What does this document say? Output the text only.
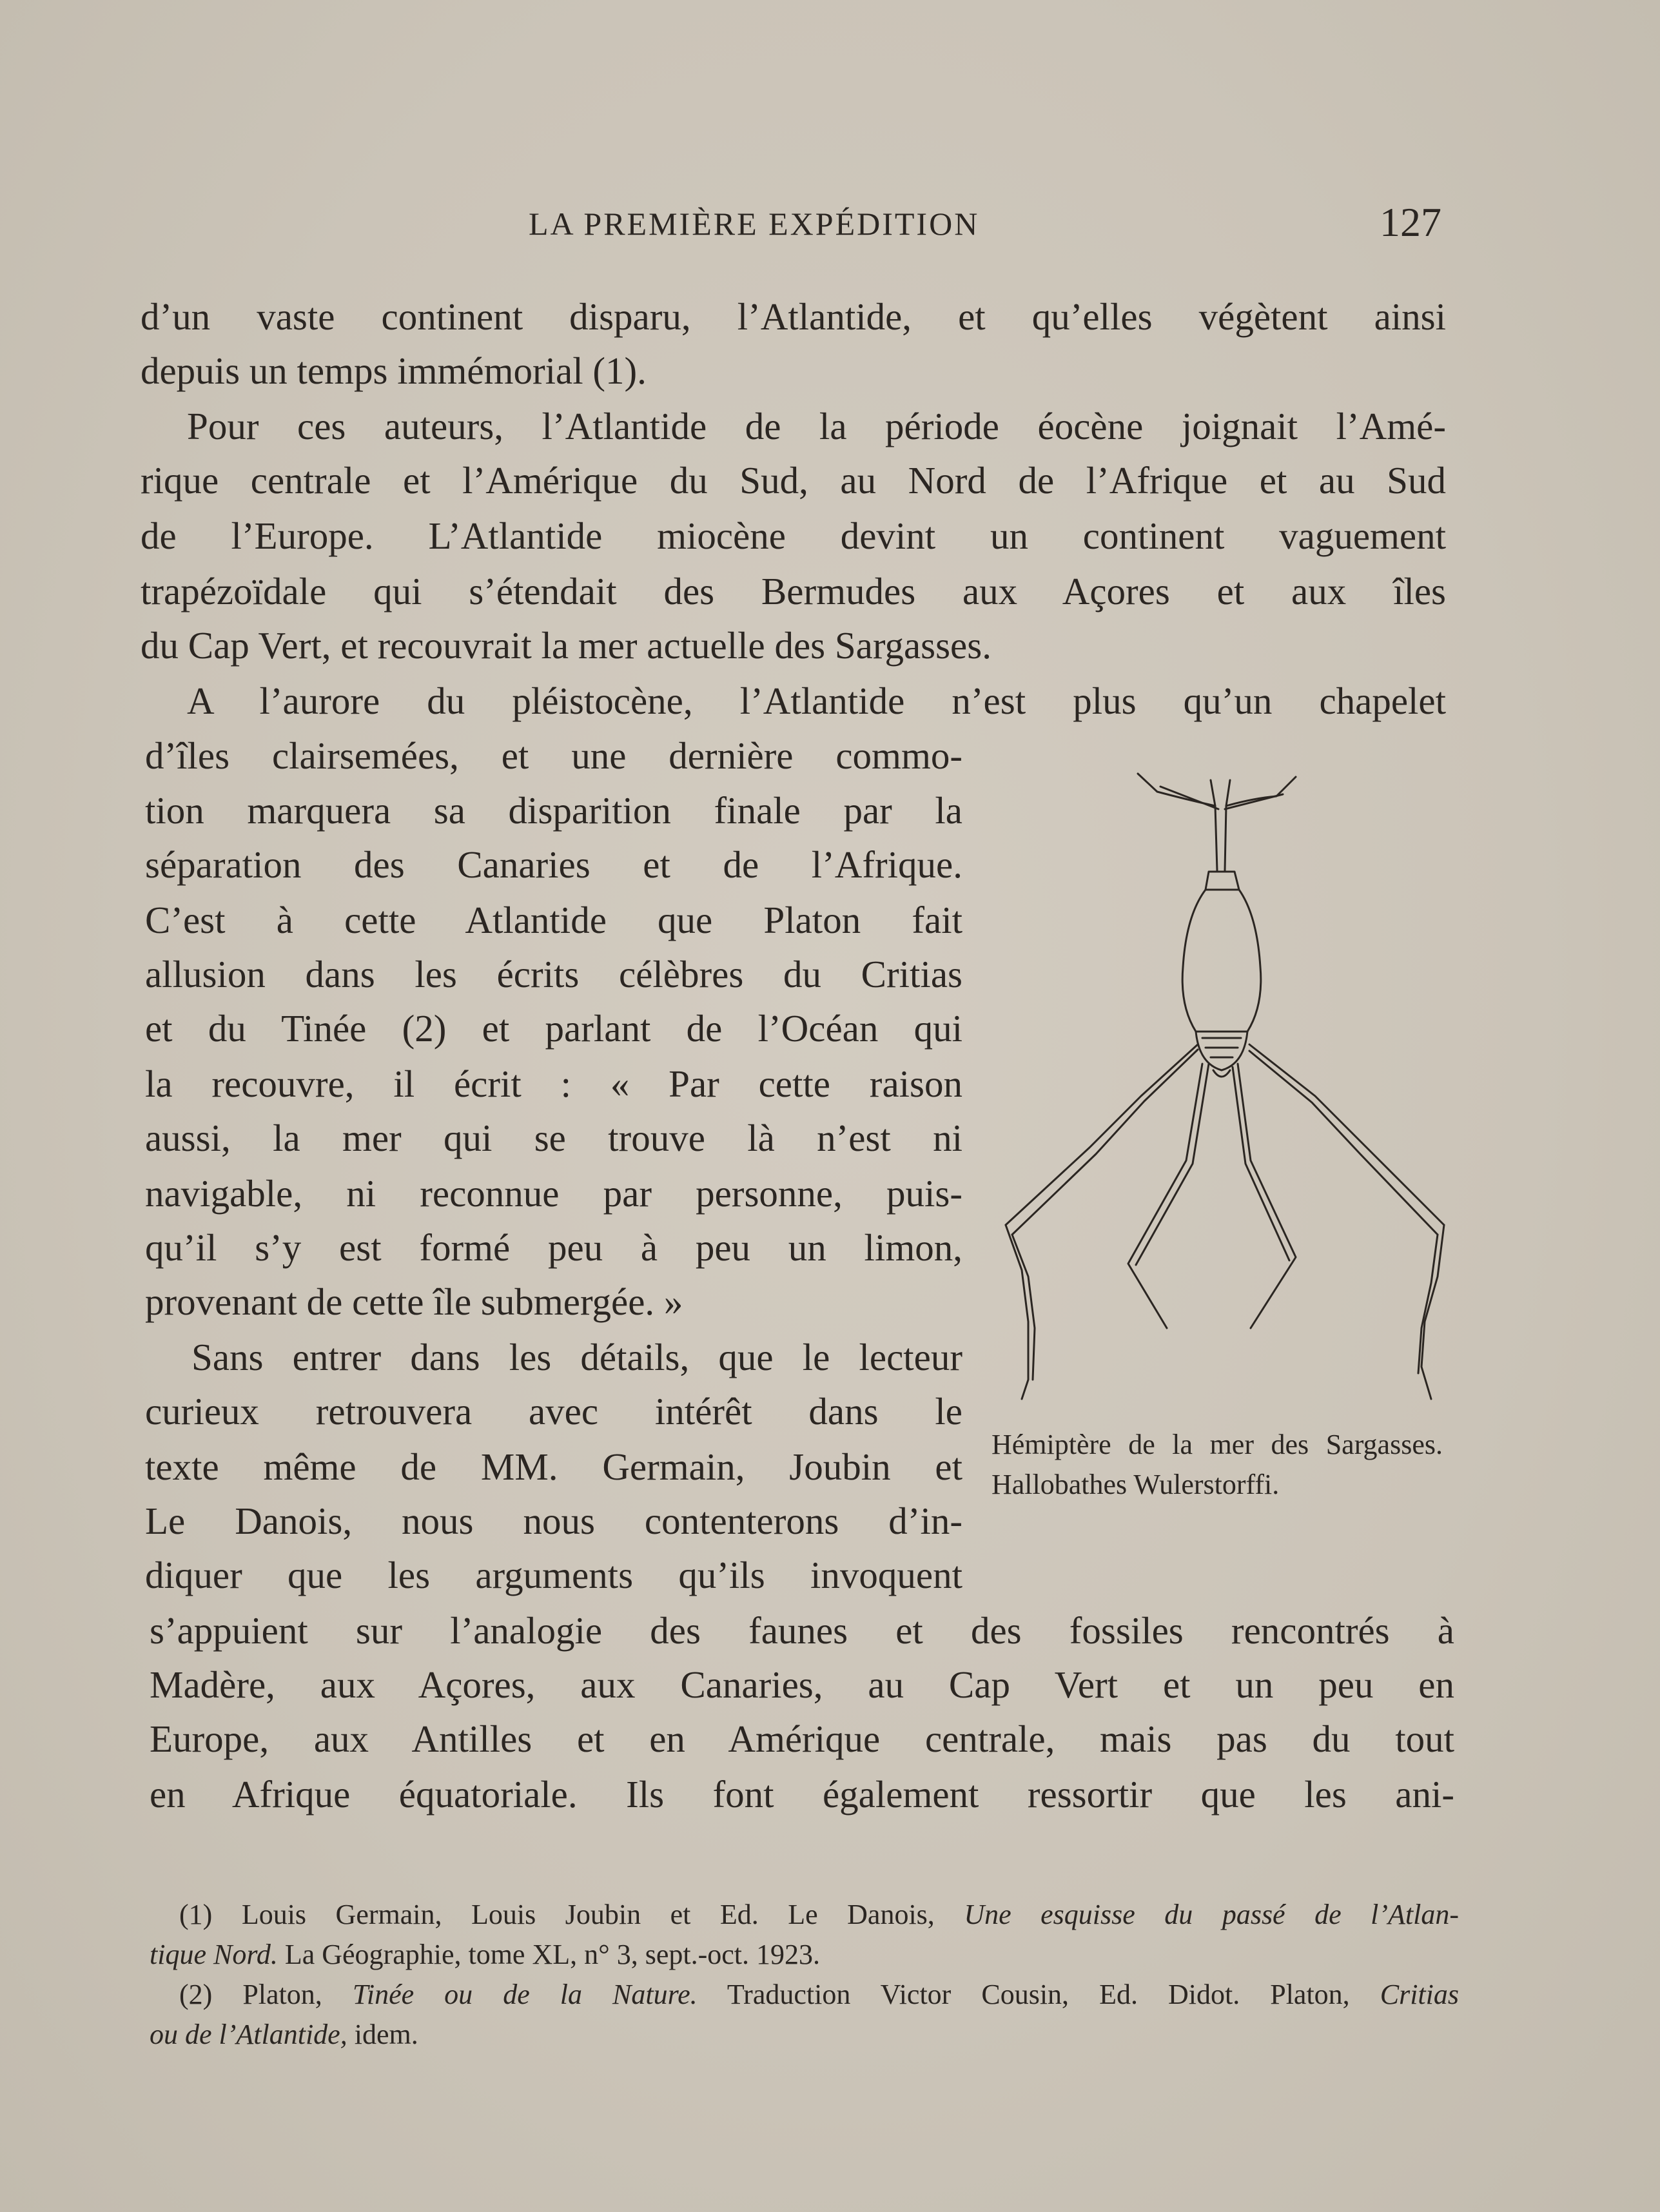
LA PREMIÈRE EXPÉDITION	127
d’un vaste continent disparu, l’Atlantide, et qu’elles végètent ainsi
depuis un temps immémorial (1).
Pour ces auteurs, l’Atlantide de la période éocène joignait l’Amé-
rique centrale et l’Amérique du Sud, au Nord de l’Afrique et au Sud
de l’Europe. L’Atlantide miocène devint un continent vaguement
trapézoïdale qui s’étendait des Bermudes aux Açores et aux îles
du Cap Vert, et recouvrait la mer actuelle des Sargasses.
A l’aurore du pléistocène, l’Atlantide n’est plus qu’un chapelet
d’îles clairsemées, et une dernière commo-
tion marquera sa disparition finale par la
séparation des Canaries et de l’Afrique.
C’est à cette Atlantide que Platon fait
allusion dans les écrits célèbres du Critias
et du Tinée (2) et parlant de l’Océan qui
la recouvre, il écrit : « Par cette raison
aussi, la mer qui se trouve là n’est ni
navigable, ni reconnue par personne, puis-
qu’il s’y est formé peu à peu un limon,
provenant de cette île submergée. »
Sans entrer dans les détails, que le lecteur
curieux retrouvera avec intérêt dans le
texte même de MM. Germain, Joubin et
Le Danois, nous nous contenterons d’in-
diquer que les arguments qu’ils invoquent
s’appuient sur l’analogie des faunes et des fossiles rencontrés à
Madère, aux Açores, aux Canaries, au Cap Vert et un peu en
Europe, aux Antilles et en Amérique centrale, mais pas du tout
en Afrique équatoriale. Ils font également ressortir que les ani-
Hémiptère de la mer des Sargasses. Hallobathes Wulerstorffi.
(1) Louis Germain, Louis Joubin et Ed. Le Danois, Une esquisse du passé de l’Atlan-
tique Nord. La Géographie, tome XL, n° 3, sept.-oct. 1923.
(2) Platon, Tinée ou de la Nature. Traduction Victor Cousin, Ed. Didot. Platon, Critias
ou de l’Atlantide, idem.
